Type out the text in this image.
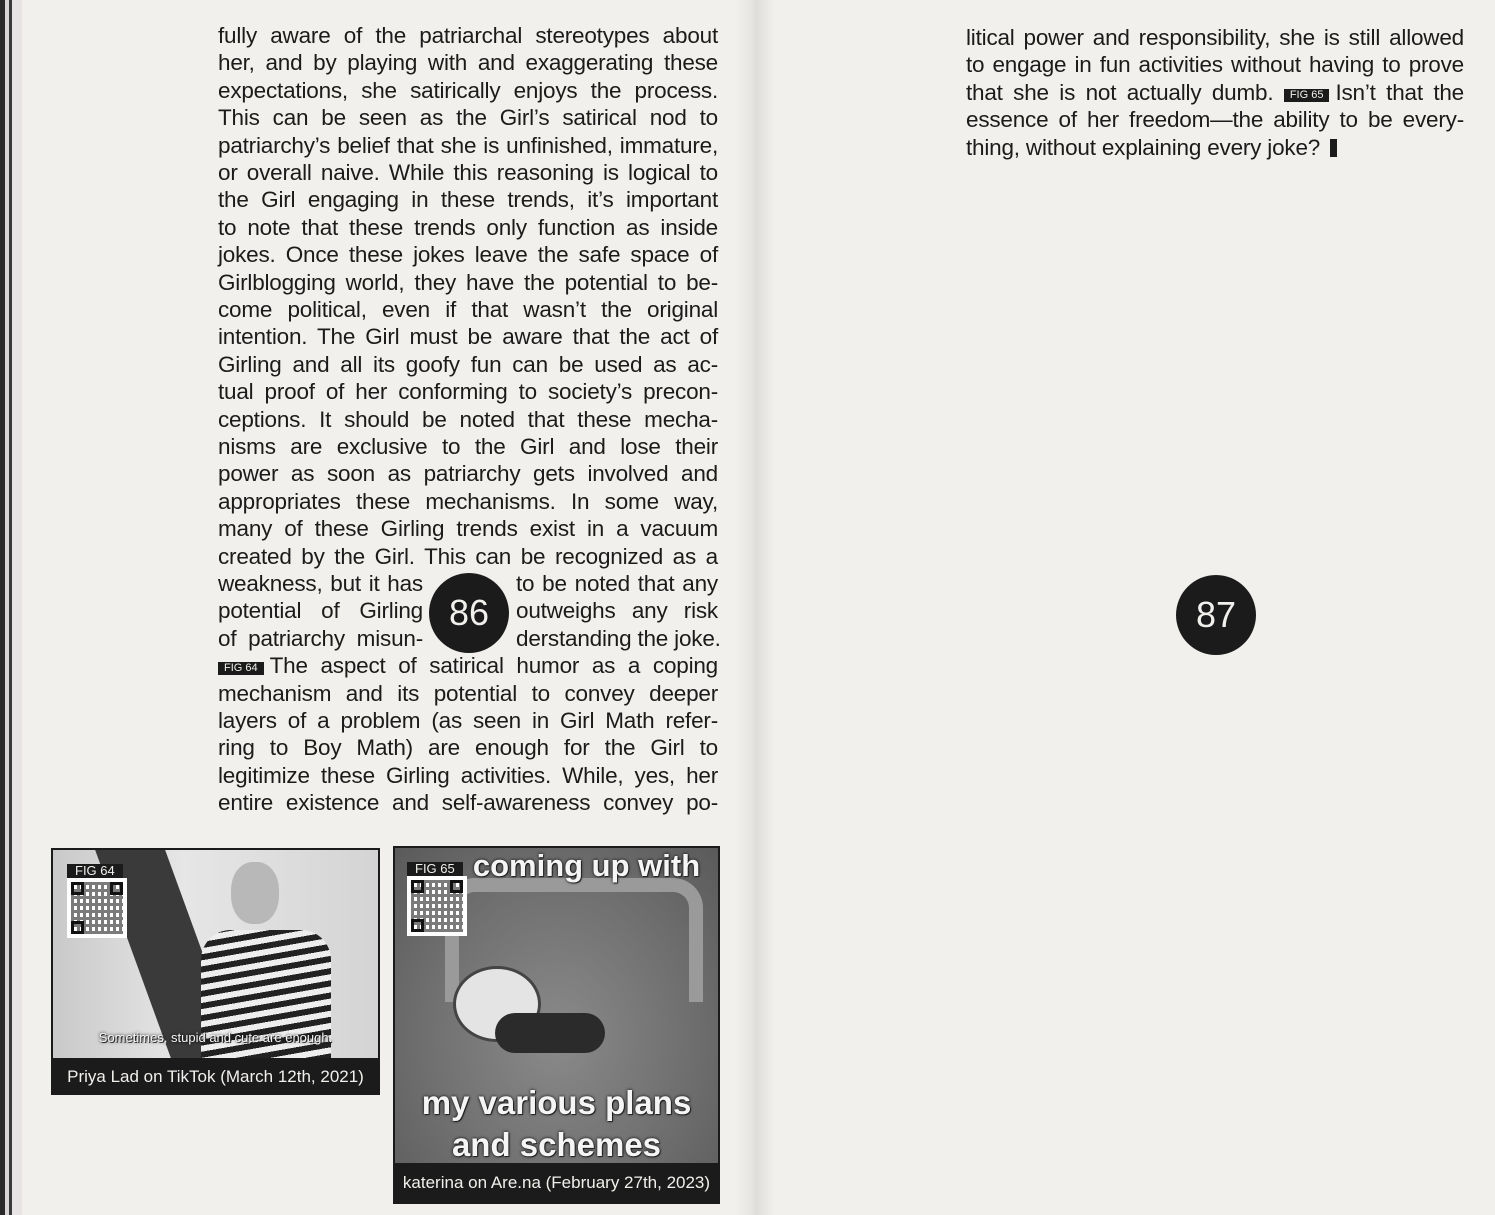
fully aware of the patriarchal stereotypes about
her, and by playing with and exaggerating these
expectations, she satirically enjoys the process.
This can be seen as the Girl’s satirical nod to
patriarchy’s belief that she is unfinished, immature,
or overall naive. While this reasoning is logical to
the Girl engaging in these trends, it’s important
to note that these trends only function as inside
jokes. Once these jokes leave the safe space of
Girlblogging world, they have the potential to be-
come political, even if that wasn’t the original
intention. The Girl must be aware that the act of
Girling and all its goofy fun can be used as ac-
tual proof of her conforming to society’s precon-
ceptions. It should be noted that these mecha-
nisms are exclusive to the Girl and lose their
power as soon as patriarchy gets involved and
appropriates these mechanisms. In some way,
many of these Girling trends exist in a vacuum
created by the Girl. This can be recognized as a
weakness, but it has	to be noted that any
potential of Girling	outweighs any risk
of patriarchy misun-	derstanding the joke.
FIG 64 The aspect of satirical humor as a coping
mechanism and its potential to convey deeper
layers of a problem (as seen in Girl Math refer-
ring to Boy Math) are enough for the Girl to
legitimize these Girling activities. While, yes, her
entire existence and self-awareness convey po-
litical power and responsibility, she is still allowed
to engage in fun activities without having to prove
that she is not actually dumb. FIG 65 Isn’t that the
essence of her freedom—the ability to be every-
thing, without explaining every joke?
86	87
Sometimes, stupid and cute are enough.
FIG 64
Priya Lad on TikTok (March 12th, 2021)
coming up with
my various plans
and schemes
FIG 65
katerina on Are.na (February 27th, 2023)
